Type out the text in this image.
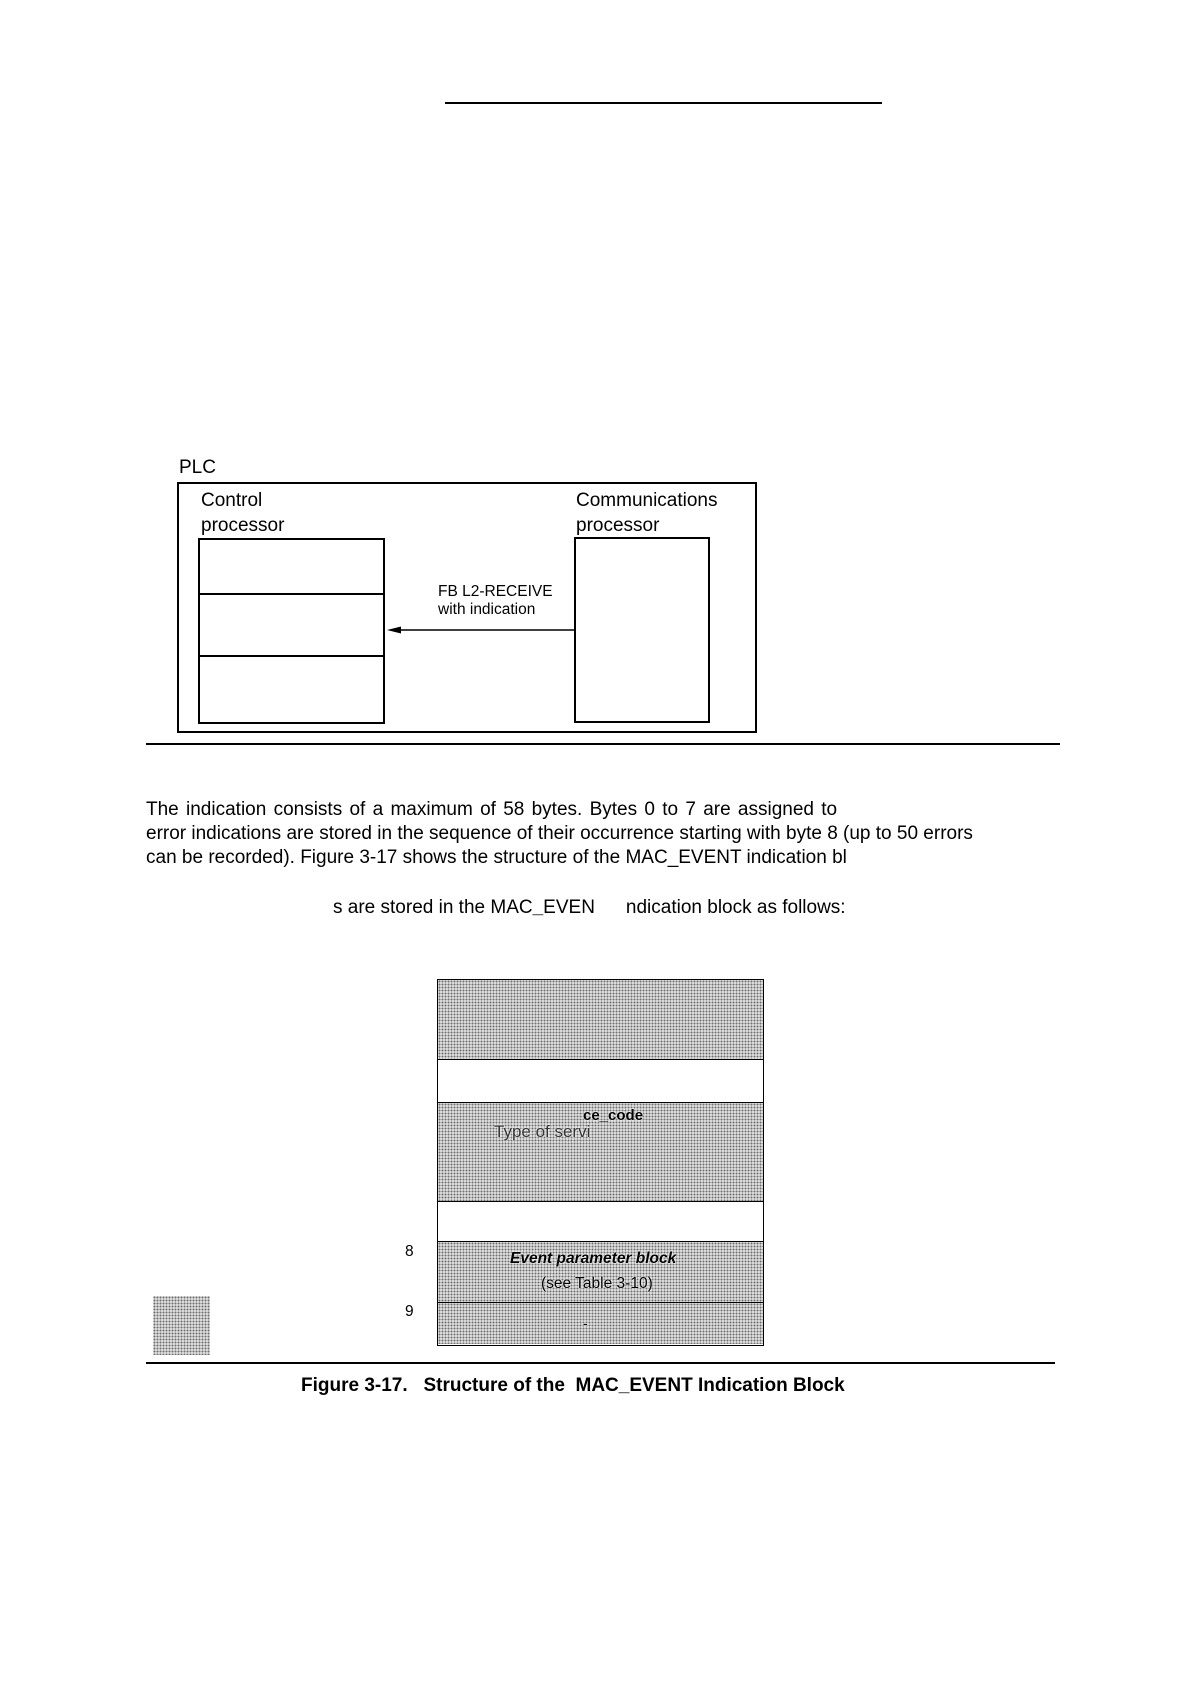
PLC
Control
processor
Communications
processor
FB L2-RECEIVE
with indication
The indication consists of a maximum of 58 bytes. Bytes 0 to 7 are assigned to
error indications are stored in the sequence of their occurrence starting with byte 8 (up to 50 errors
can be recorded). Figure 3-17 shows the structure of the MAC_EVENT indication bl
s are stored in the MAC_EVEN ndication block as follows:
ce_code
Type of servi
Event parameter block
(see Table 3-10)
-
8
9
Figure 3-17.   Structure of the  MAC_EVENT Indication Block
